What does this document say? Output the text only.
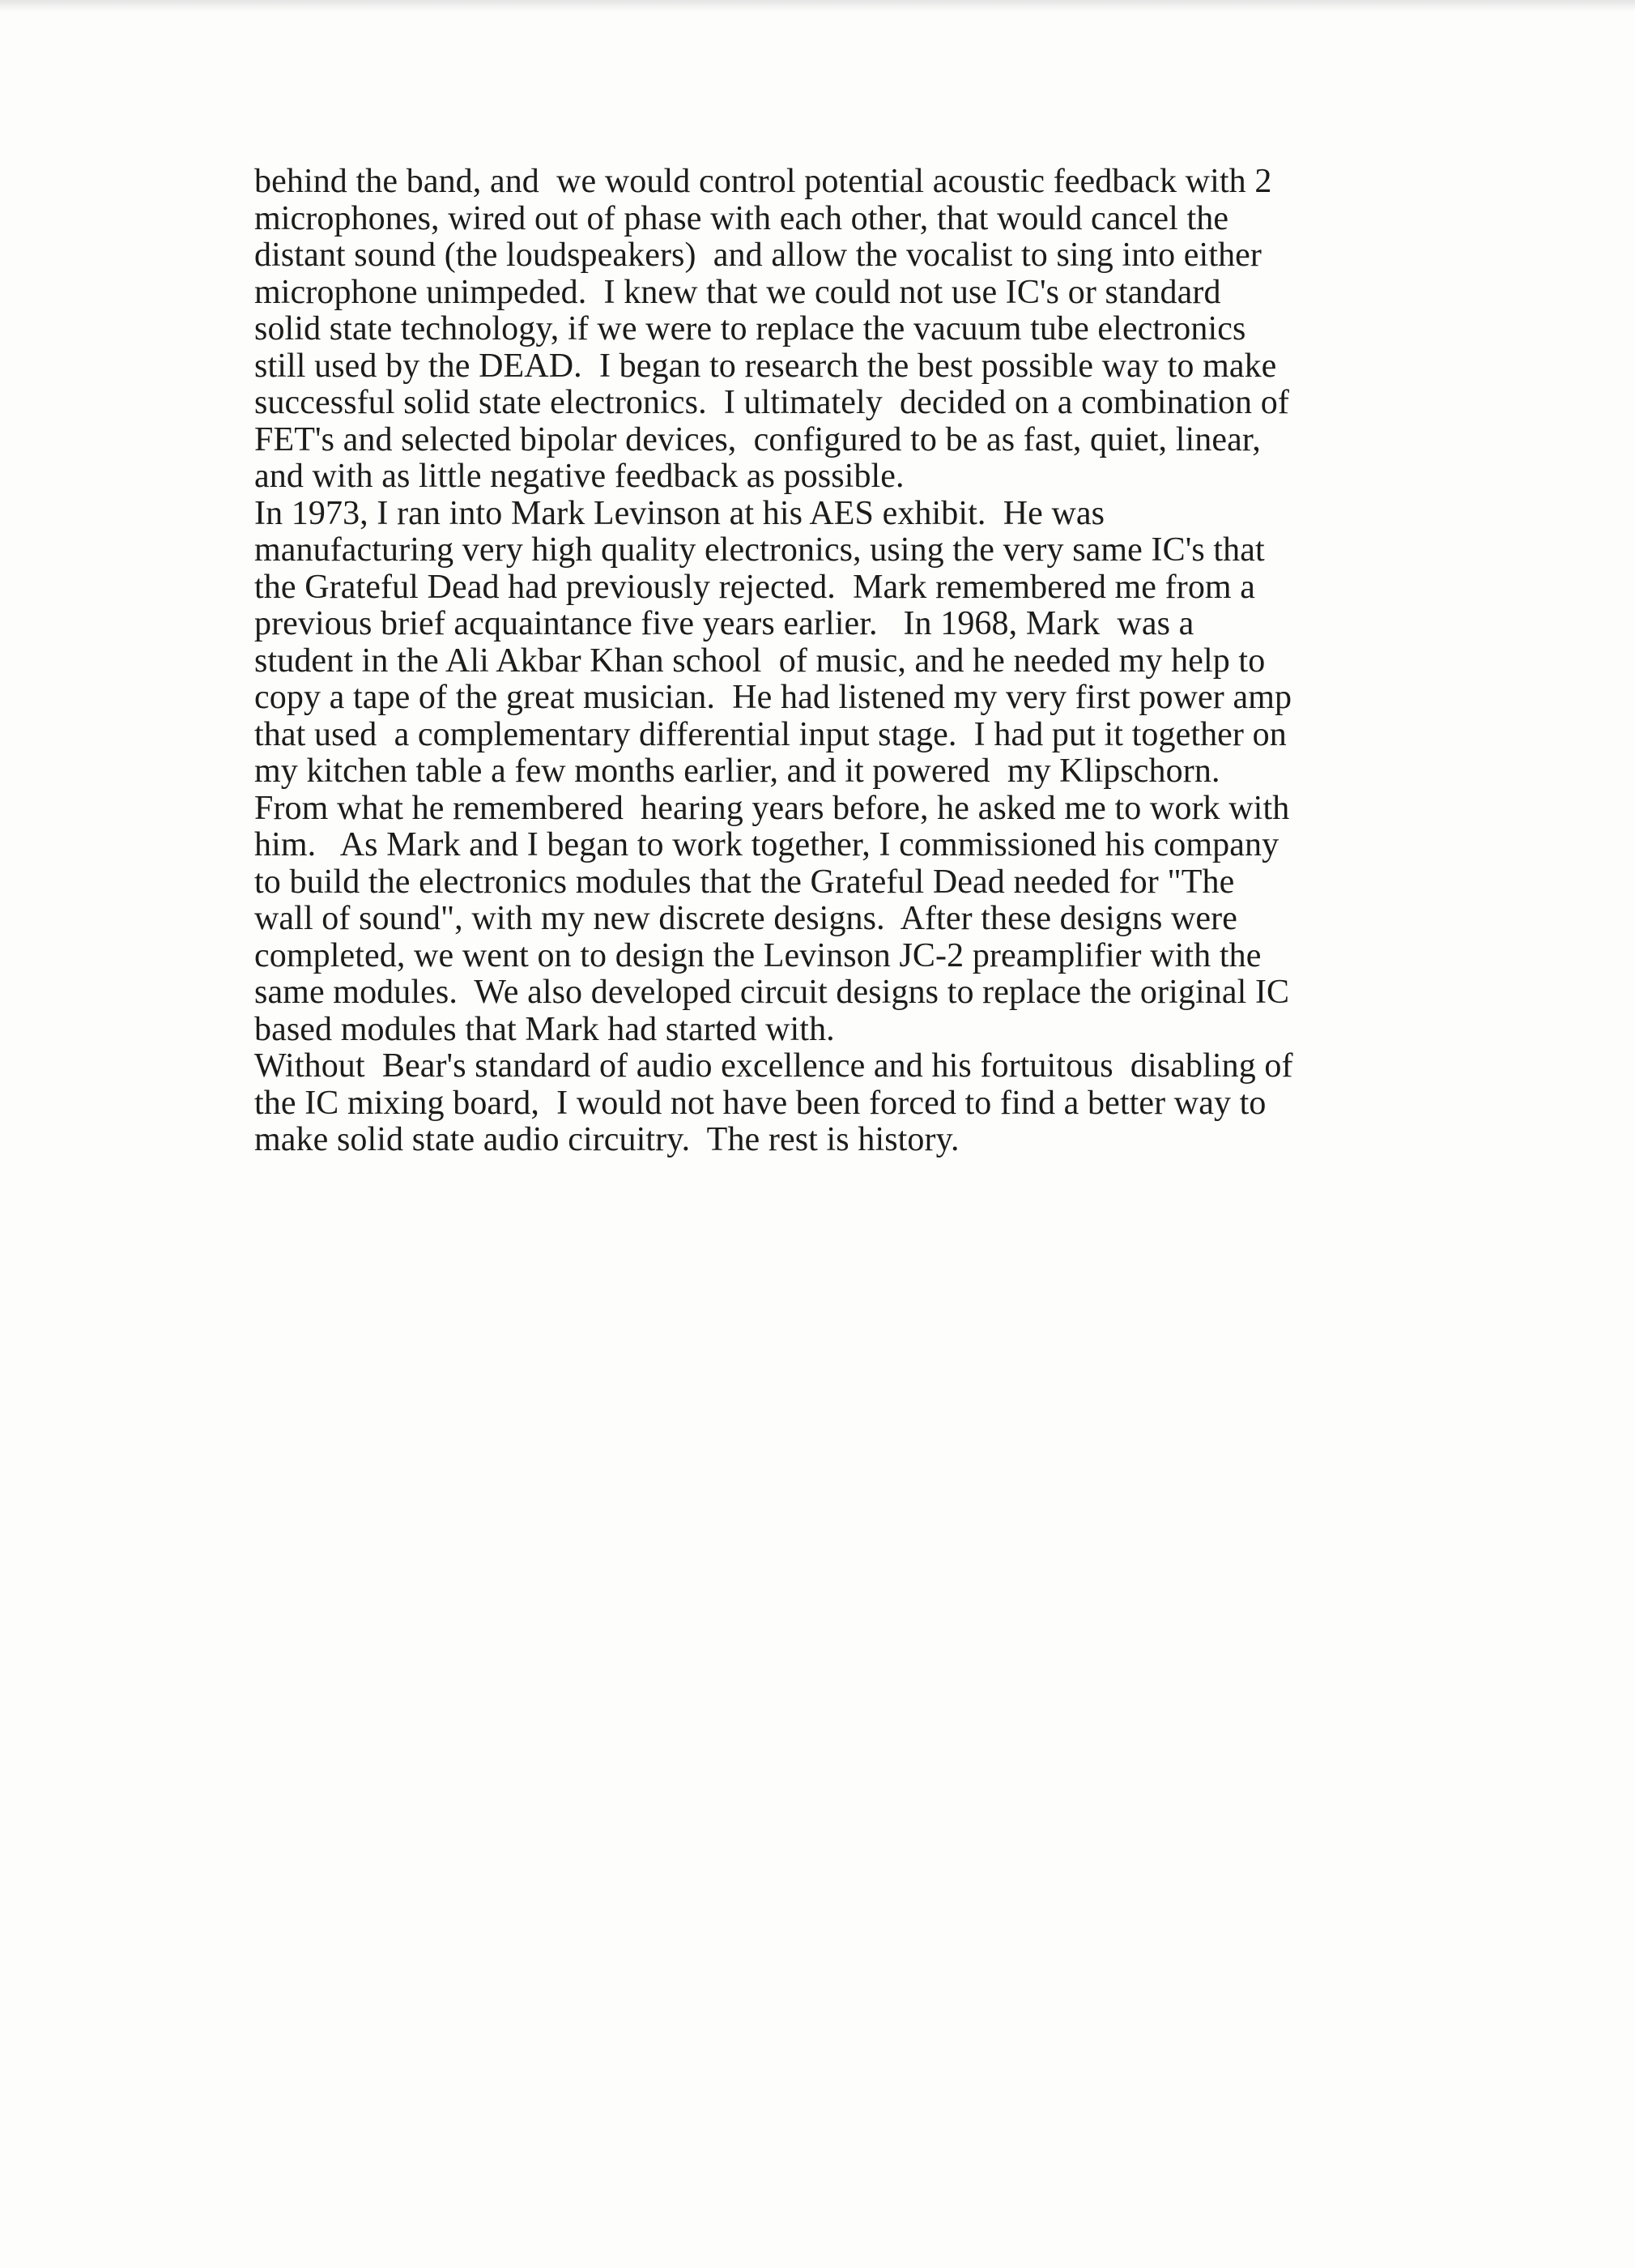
behind the band, and  we would control potential acoustic feedback with 2
microphones, wired out of phase with each other, that would cancel the
distant sound (the loudspeakers)  and allow the vocalist to sing into either
microphone unimpeded.  I knew that we could not use IC's or standard
solid state technology, if we were to replace the vacuum tube electronics
still used by the DEAD.  I began to research the best possible way to make
successful solid state electronics.  I ultimately  decided on a combination of
FET's and selected bipolar devices,  configured to be as fast, quiet, linear,
and with as little negative feedback as possible.
In 1973, I ran into Mark Levinson at his AES exhibit.  He was
manufacturing very high quality electronics, using the very same IC's that
the Grateful Dead had previously rejected.  Mark remembered me from a
previous brief acquaintance five years earlier.   In 1968, Mark  was a
student in the Ali Akbar Khan school  of music, and he needed my help to
copy a tape of the great musician.  He had listened my very first power amp
that used  a complementary differential input stage.  I had put it together on
my kitchen table a few months earlier, and it powered  my Klipschorn.
From what he remembered  hearing years before, he asked me to work with
him.   As Mark and I began to work together, I commissioned his company
to build the electronics modules that the Grateful Dead needed for "The
wall of sound", with my new discrete designs.  After these designs were
completed, we went on to design the Levinson JC-2 preamplifier with the
same modules.  We also developed circuit designs to replace the original IC
based modules that Mark had started with.
Without  Bear's standard of audio excellence and his fortuitous  disabling of
the IC mixing board,  I would not have been forced to find a better way to
make solid state audio circuitry.  The rest is history.
